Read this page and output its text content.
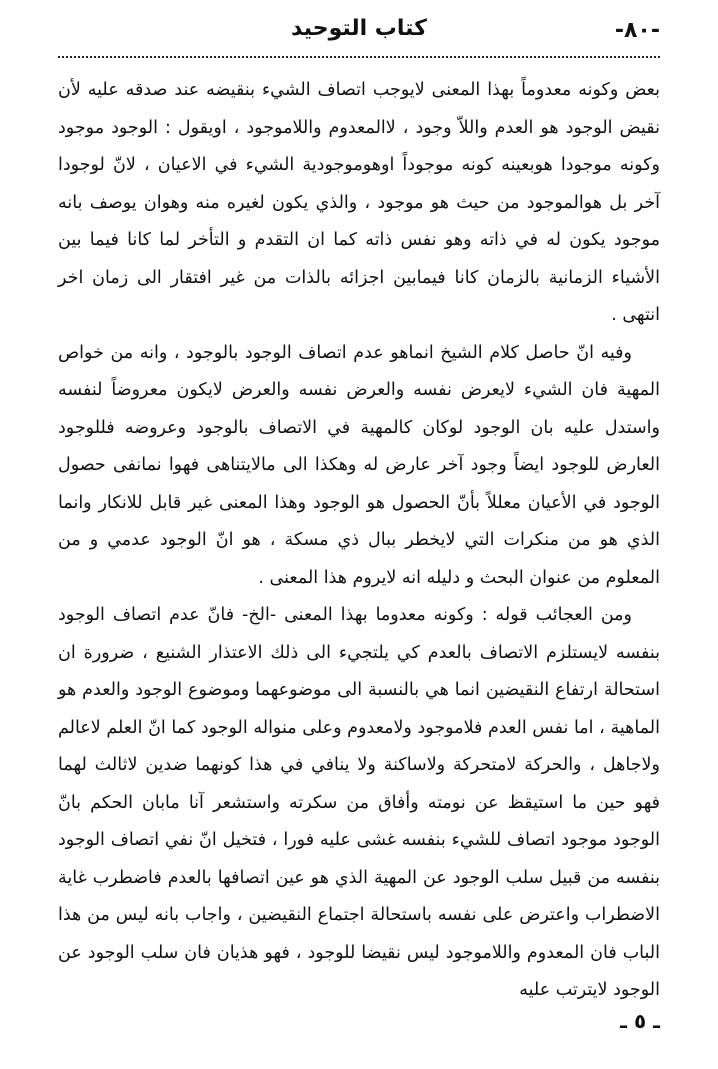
-٨٠-
كتاب التوحيد

بعض وكونه معدوماً بهذا المعنى لايوجب اتصاف الشيء بنقيضه عند صدقه عليه لأن نقيض الوجود هو العدم واللاّ وجود ، لاالمعدوم واللاموجود ، اويقول : الوجود موجود وكونه موجودا هوبعينه كونه موجوداً اوهوموجودية الشيء في الاعيان ، لانّ لوجودا آخر بل هوالموجود من حيث هو موجود ، والذي يكون لغيره منه وهوان يوصف بانه موجود يكون له في ذاته وهو نفس ذاته كما ان التقدم و التأخر لما كانا فيما بين الأشياء الزمانية بالزمان كانا فيمابين اجزائه بالذات من غير افتقار الى زمان اخر انتهى .

وفيه انّ حاصل كلام الشيخ انماهو عدم اتصاف الوجود بالوجود ، وانه من خواص المهية فان الشيء لايعرض نفسه والعرض نفسه والعرض لايكون معروضاً لنفسه واستدل عليه بان الوجود لوكان كالمهية في الاتصاف بالوجود وعروضه فللوجود العارض للوجود ايضاً وجود آخر عارض له وهكذا الى مالايتناهى فهوا نمانفى حصول الوجود في الأعيان معللاً بأنّ الحصول هو الوجود وهذا المعنى غير قابل للانكار وانما الذي هو من منكرات التي لايخطر ببال ذي مسكة ، هو انّ الوجود عدمي و من المعلوم من عنوان البحث و دليله انه لايروم هذا المعنى .

ومن العجائب قوله : وكونه معدوما بهذا المعنى -الخ- فانّ عدم اتصاف الوجود بنفسه لايستلزم الاتصاف بالعدم كي يلتجيء الى ذلك الاعتذار الشنيع ، ضرورة ان استحالة ارتفاع النقيضين انما هي بالنسبة الى موضوعهما وموضوع الوجود والعدم هو الماهية ، اما نفس العدم فلاموجود ولامعدوم وعلى منواله الوجود كما انّ العلم لاعالم ولاجاهل ، والحركة لامتحركة ولاساكنة ولا ينافي في هذا كونهما ضدين لاثالث لهما فهو حين ما استيقظ عن نومته وأفاق من سكرته واستشعر آنا مابان الحكم بانّ الوجود موجود اتصاف للشيء بنفسه غشى عليه فورا ، فتخيل انّ نفي اتصاف الوجود بنفسه من قبيل سلب الوجود عن المهية الذي هو عين اتصافها بالعدم فاضطرب غاية الاضطراب واعترض على نفسه باستحالة اجتماع النقيضين ، واجاب بانه ليس من هذا الباب فان المعدوم واللاموجود ليس نقيضا للوجود ، فهو هذيان فان سلب الوجود عن الوجود لايترتب عليه

ـ ٥ ـ
